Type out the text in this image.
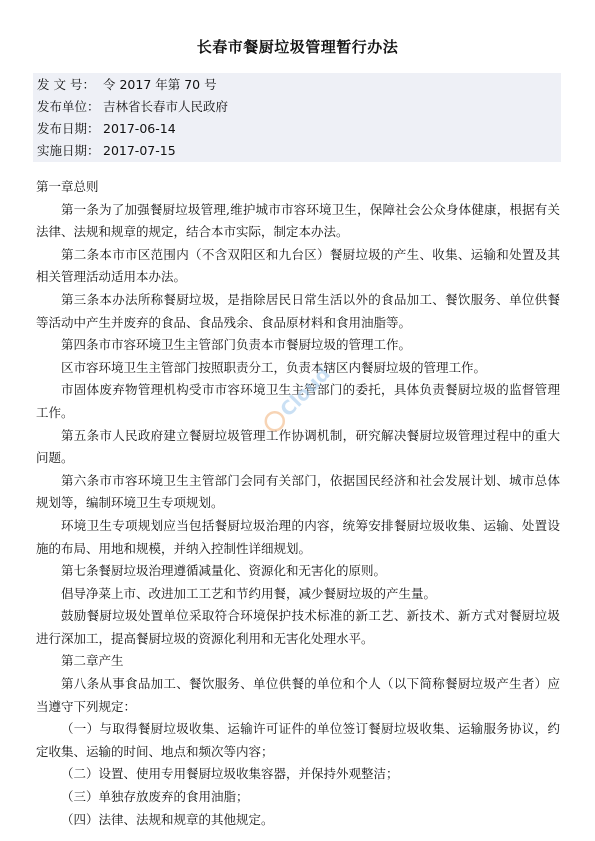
长春市餐厨垃圾管理暂行办法
发 文 号： 令 2017 年第 70 号
发布单位： 吉林省长春市人民政府
发布日期： 2017-06-14
实施日期： 2017-07-15

第一章总则

第一条为了加强餐厨垃圾管理,维护城市市容环境卫生，保障社会公众身体健康，根据有关法律、法规和规章的规定，结合本市实际，制定本办法。

第二条本市市区范围内（不含双阳区和九台区）餐厨垃圾的产生、收集、运输和处置及其相关管理活动适用本办法。

第三条本办法所称餐厨垃圾，是指除居民日常生活以外的食品加工、餐饮服务、单位供餐等活动中产生并废弃的食品、食品残余、食品原材料和食用油脂等。

第四条市市容环境卫生主管部门负责本市餐厨垃圾的管理工作。

区市容环境卫生主管部门按照职责分工，负责本辖区内餐厨垃圾的管理工作。

市固体废弃物管理机构受市市容环境卫生主管部门的委托，具体负责餐厨垃圾的监督管理工作。

第五条市人民政府建立餐厨垃圾管理工作协调机制，研究解决餐厨垃圾管理过程中的重大问题。

第六条市市容环境卫生主管部门会同有关部门，依据国民经济和社会发展计划、城市总体规划等，编制环境卫生专项规划。

环境卫生专项规划应当包括餐厨垃圾治理的内容，统筹安排餐厨垃圾收集、运输、处置设施的布局、用地和规模，并纳入控制性详细规划。

第七条餐厨垃圾治理遵循减量化、资源化和无害化的原则。

倡导净菜上市、改进加工工艺和节约用餐，减少餐厨垃圾的产生量。

鼓励餐厨垃圾处置单位采取符合环境保护技术标准的新工艺、新技术、新方式对餐厨垃圾进行深加工，提高餐厨垃圾的资源化利用和无害化处理水平。

第二章产生

第八条从事食品加工、餐饮服务、单位供餐的单位和个人（以下简称餐厨垃圾产生者）应当遵守下列规定：

（一）与取得餐厨垃圾收集、运输许可证件的单位签订餐厨垃圾收集、运输服务协议，约定收集、运输的时间、地点和频次等内容；

（二）设置、使用专用餐厨垃圾收集容器，并保持外观整洁；

（三）单独存放废弃的食用油脂；

（四）法律、法规和规章的其他规定。

Cloud
